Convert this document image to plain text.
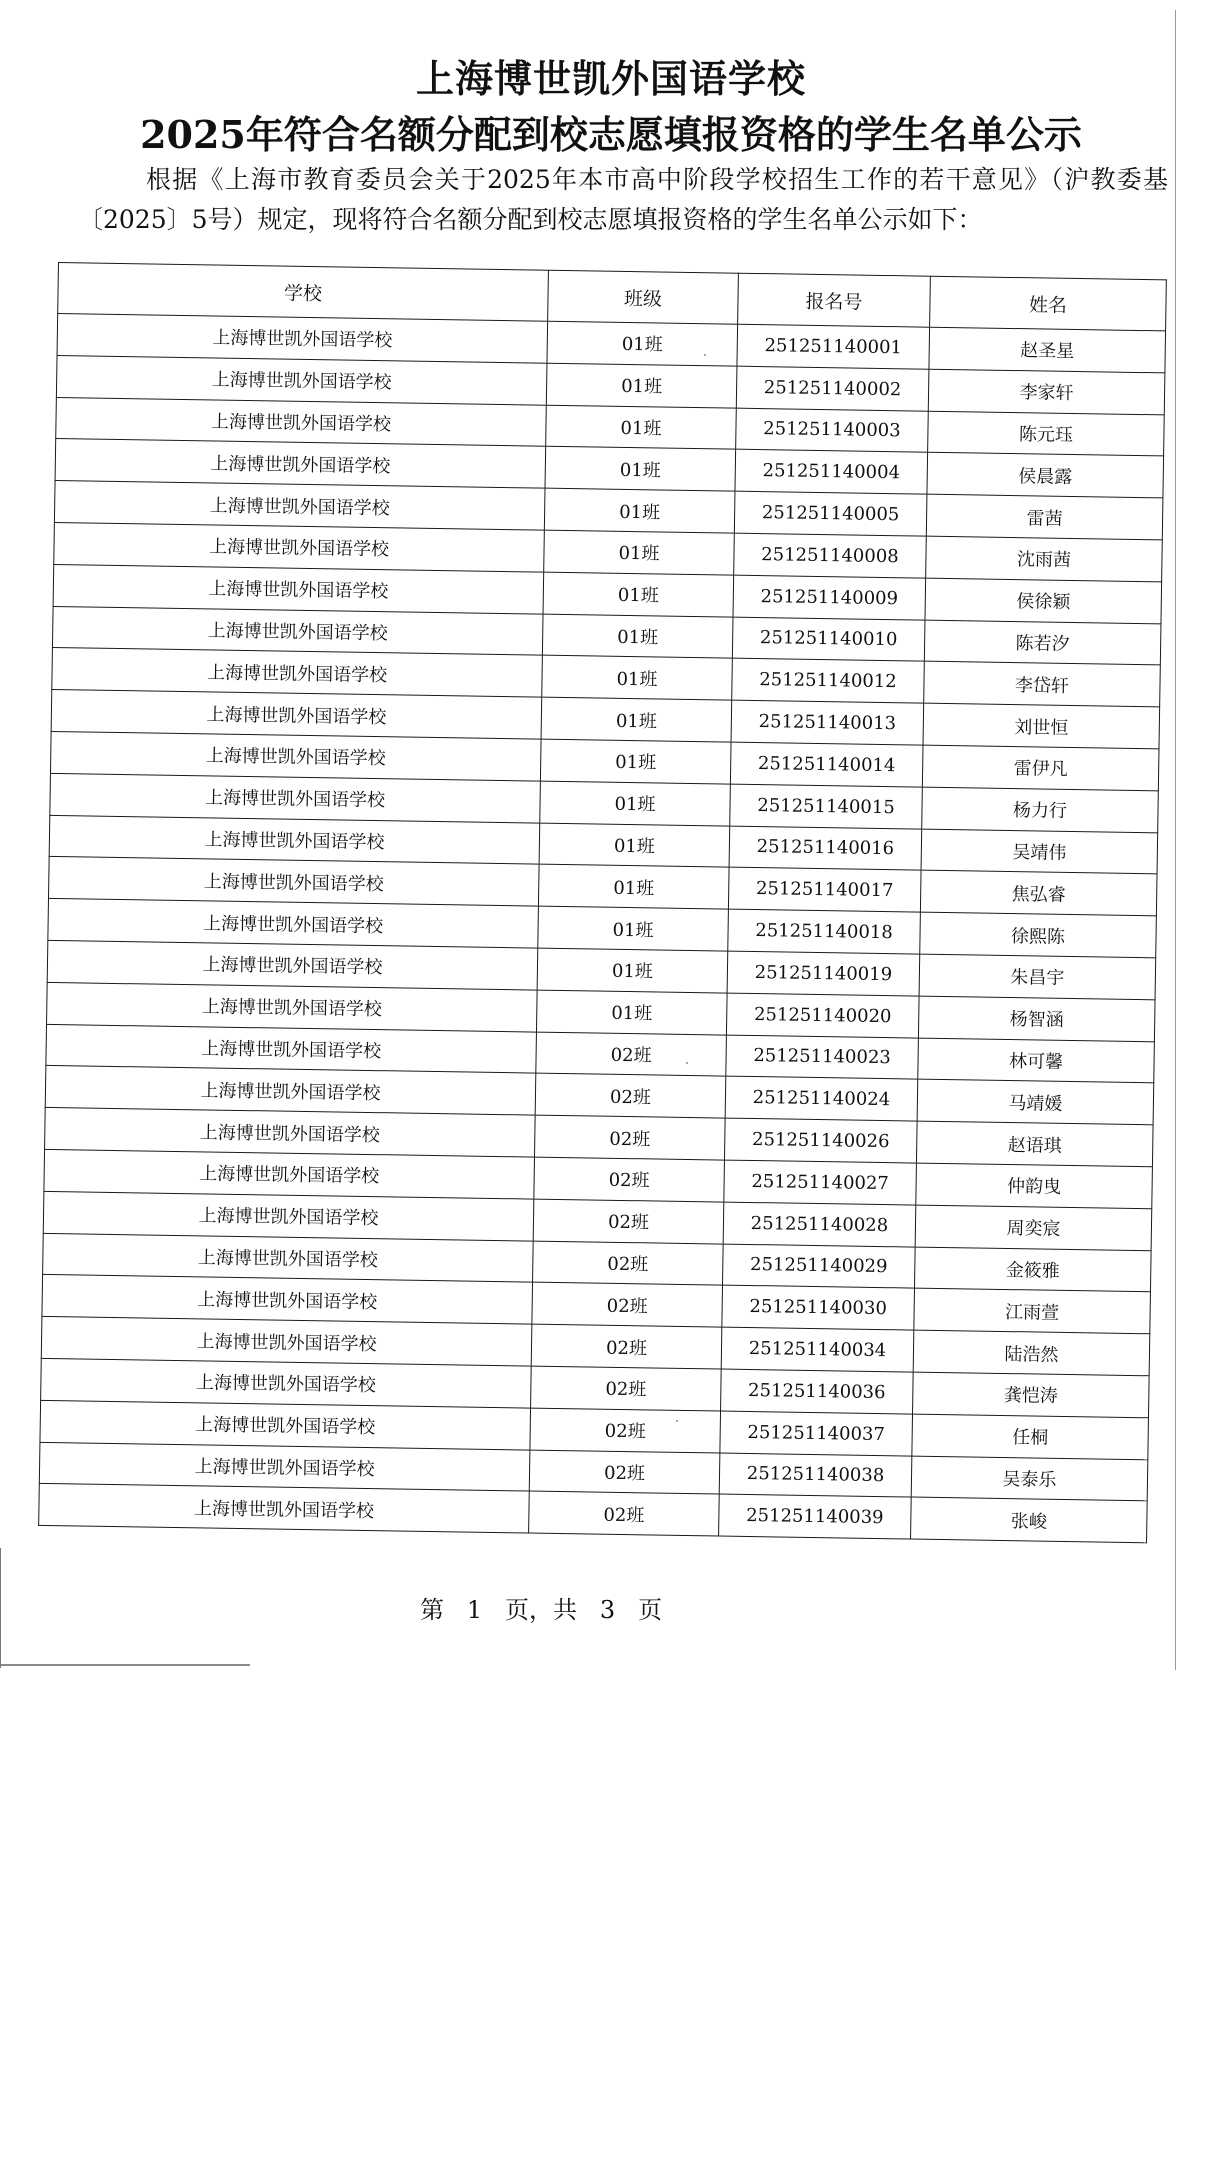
上海博世凯外国语学校
2025年符合名额分配到校志愿填报资格的学生名单公示
根据《上海市教育委员会关于2025年本市高中阶段学校招生工作的若干意见》（沪教委基〔2025〕5号）规定，现将符合名额分配到校志愿填报资格的学生名单公示如下：
学校	班级	报名号	姓名
上海博世凯外国语学校	01班	251251140001	赵圣星
上海博世凯外国语学校	01班	251251140002	李家轩
上海博世凯外国语学校	01班	251251140003	陈元珏
上海博世凯外国语学校	01班	251251140004	侯晨露
上海博世凯外国语学校	01班	251251140005	雷茜
上海博世凯外国语学校	01班	251251140008	沈雨茜
上海博世凯外国语学校	01班	251251140009	侯徐颖
上海博世凯外国语学校	01班	251251140010	陈若汐
上海博世凯外国语学校	01班	251251140012	李岱轩
上海博世凯外国语学校	01班	251251140013	刘世恒
上海博世凯外国语学校	01班	251251140014	雷伊凡
上海博世凯外国语学校	01班	251251140015	杨力行
上海博世凯外国语学校	01班	251251140016	吴靖伟
上海博世凯外国语学校	01班	251251140017	焦弘睿
上海博世凯外国语学校	01班	251251140018	徐熙陈
上海博世凯外国语学校	01班	251251140019	朱昌宇
上海博世凯外国语学校	01班	251251140020	杨智涵
上海博世凯外国语学校	02班	251251140023	林可馨
上海博世凯外国语学校	02班	251251140024	马靖媛
上海博世凯外国语学校	02班	251251140026	赵语琪
上海博世凯外国语学校	02班	251251140027	仲韵曳
上海博世凯外国语学校	02班	251251140028	周奕宸
上海博世凯外国语学校	02班	251251140029	金筱雅
上海博世凯外国语学校	02班	251251140030	江雨萱
上海博世凯外国语学校	02班	251251140034	陆浩然
上海博世凯外国语学校	02班	251251140036	龚恺涛
上海博世凯外国语学校	02班	251251140037	任桐
上海博世凯外国语学校	02班	251251140038	吴泰乐
上海博世凯外国语学校	02班	251251140039	张峻
第   1   页，共   3   页
